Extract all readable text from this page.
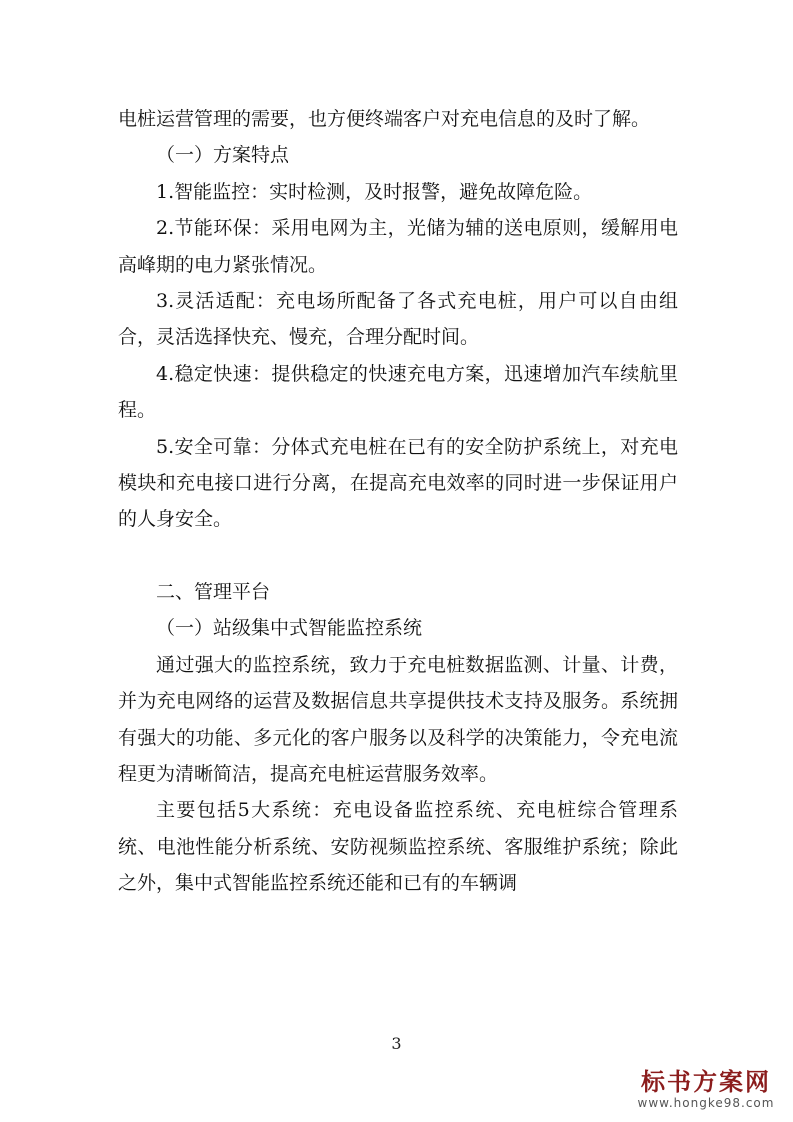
电桩运营管理的需要，也方便终端客户对充电信息的及时了解。

（一）方案特点

1.智能监控：实时检测，及时报警，避免故障危险。

2.节能环保：采用电网为主，光储为辅的送电原则，缓解用电高峰期的电力紧张情况。

3.灵活适配：充电场所配备了各式充电桩，用户可以自由组合，灵活选择快充、慢充，合理分配时间。

4.稳定快速：提供稳定的快速充电方案，迅速增加汽车续航里程。

5.安全可靠：分体式充电桩在已有的安全防护系统上，对充电模块和充电接口进行分离，在提高充电效率的同时进一步保证用户的人身安全。

二、管理平台

（一）站级集中式智能监控系统

通过强大的监控系统，致力于充电桩数据监测、计量、计费，并为充电网络的运营及数据信息共享提供技术支持及服务。系统拥有强大的功能、多元化的客户服务以及科学的决策能力，令充电流程更为清晰简洁，提高充电桩运营服务效率。

主要包括5大系统：充电设备监控系统、充电桩综合管理系统、电池性能分析系统、安防视频监控系统、客服维护系统；除此之外，集中式智能监控系统还能和已有的车辆调

3
标书方案网
www.hongke98.com
